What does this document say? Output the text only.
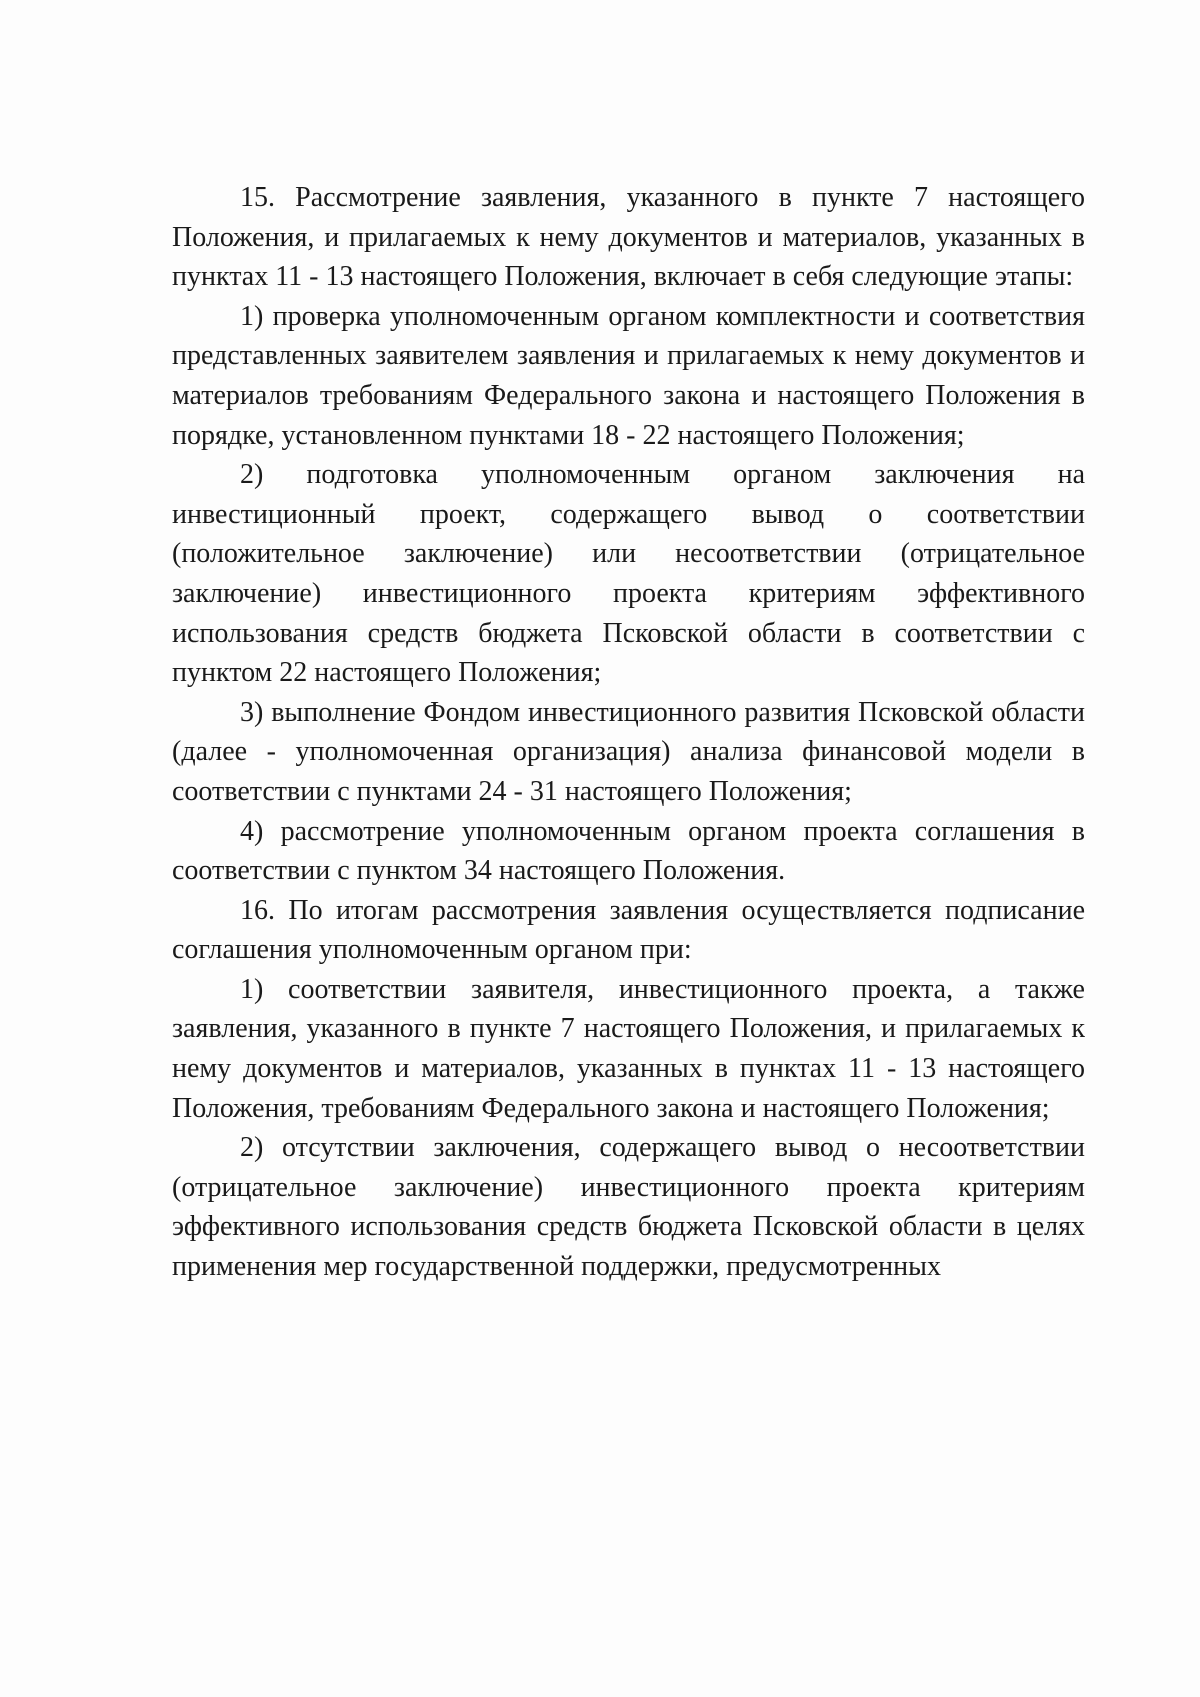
15. Рассмотрение заявления, указанного в пункте 7 настоящего Положения, и прилагаемых к нему документов и материалов, указанных в пунктах 11 - 13 настоящего Положения, включает в себя следующие этапы:

1) проверка уполномоченным органом комплектности и соответствия представленных заявителем заявления и прилагаемых к нему документов и материалов требованиям Федерального закона и настоящего Положения в порядке, установленном пунктами 18 - 22 настоящего Положения;

2) подготовка уполномоченным органом заключения на инвестиционный проект, содержащего вывод о соответствии (положительное заключение) или несоответствии (отрицательное заключение) инвестиционного проекта критериям эффективного использования средств бюджета Псковской области в соответствии с пунктом 22 настоящего Положения;

3) выполнение Фондом инвестиционного развития Псковской области (далее - уполномоченная организация) анализа финансовой модели в соответствии с пунктами 24 - 31 настоящего Положения;

4) рассмотрение уполномоченным органом проекта соглашения в соответствии с пунктом 34 настоящего Положения.

16. По итогам рассмотрения заявления осуществляется подписание соглашения уполномоченным органом при:

1) соответствии заявителя, инвестиционного проекта, а также заявления, указанного в пункте 7 настоящего Положения, и прилагаемых к нему документов и материалов, указанных в пунктах 11 - 13 настоящего Положения, требованиям Федерального закона и настоящего Положения;

2) отсутствии заключения, содержащего вывод о несоответствии (отрицательное заключение) инвестиционного проекта критериям эффективного использования средств бюджета Псковской области в целях применения мер государственной поддержки, предусмотренных
